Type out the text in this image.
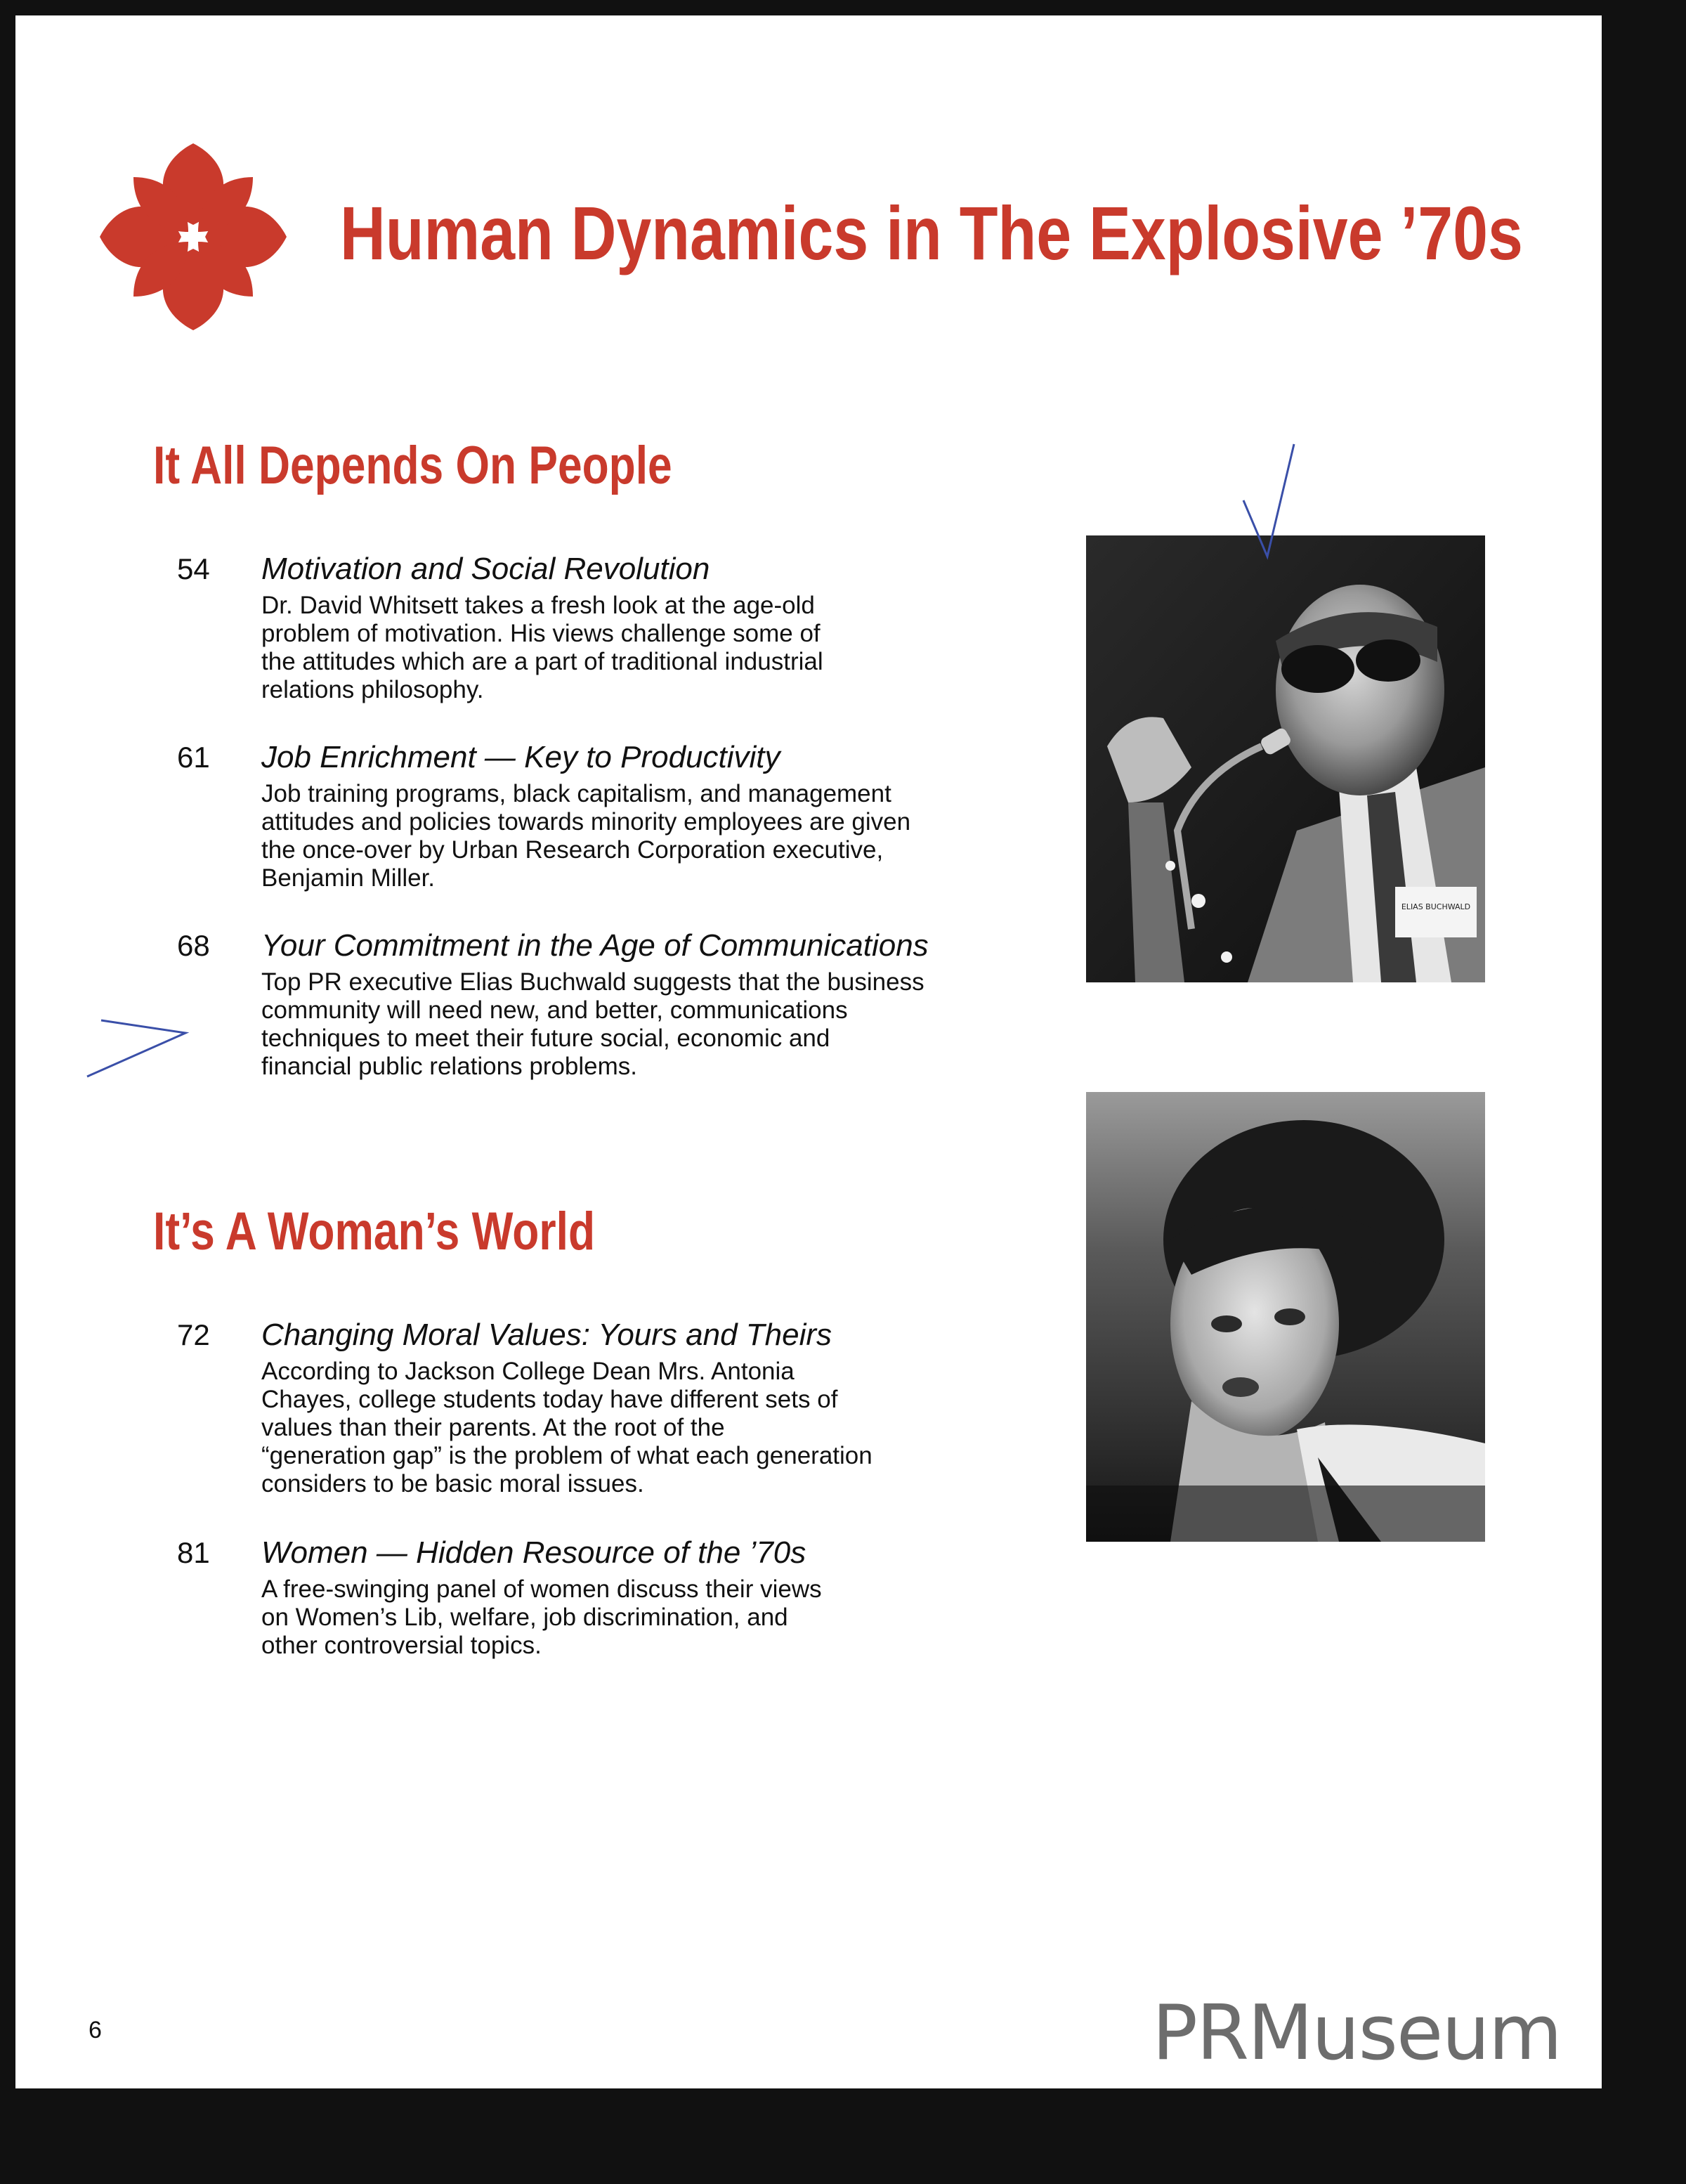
Human Dynamics in The Explosive ’70s
It All Depends On People
54 Motivation and Social Revolution
Dr. David Whitsett takes a fresh look at the age-old
problem of motivation. His views challenge some of
the attitudes which are a part of traditional industrial
relations philosophy.
61 Job Enrichment — Key to Productivity
Job training programs, black capitalism, and management
attitudes and policies towards minority employees are given
the once-over by Urban Research Corporation executive,
Benjamin Miller.
68 Your Commitment in the Age of Communications
Top PR executive Elias Buchwald suggests that the business
community will need new, and better, communications
techniques to meet their future social, economic and
financial public relations problems.
It’s A Woman’s World
72 Changing Moral Values: Yours and Theirs
According to Jackson College Dean Mrs. Antonia
Chayes, college students today have different sets of
values than their parents. At the root of the
“generation gap” is the problem of what each generation
considers to be basic moral issues.
81 Women — Hidden Resource of the ’70s
A free-swinging panel of women discuss their views
on Women’s Lib, welfare, job discrimination, and
other controversial topics.
ELIAS BUCHWALD
6	PRMuseum
